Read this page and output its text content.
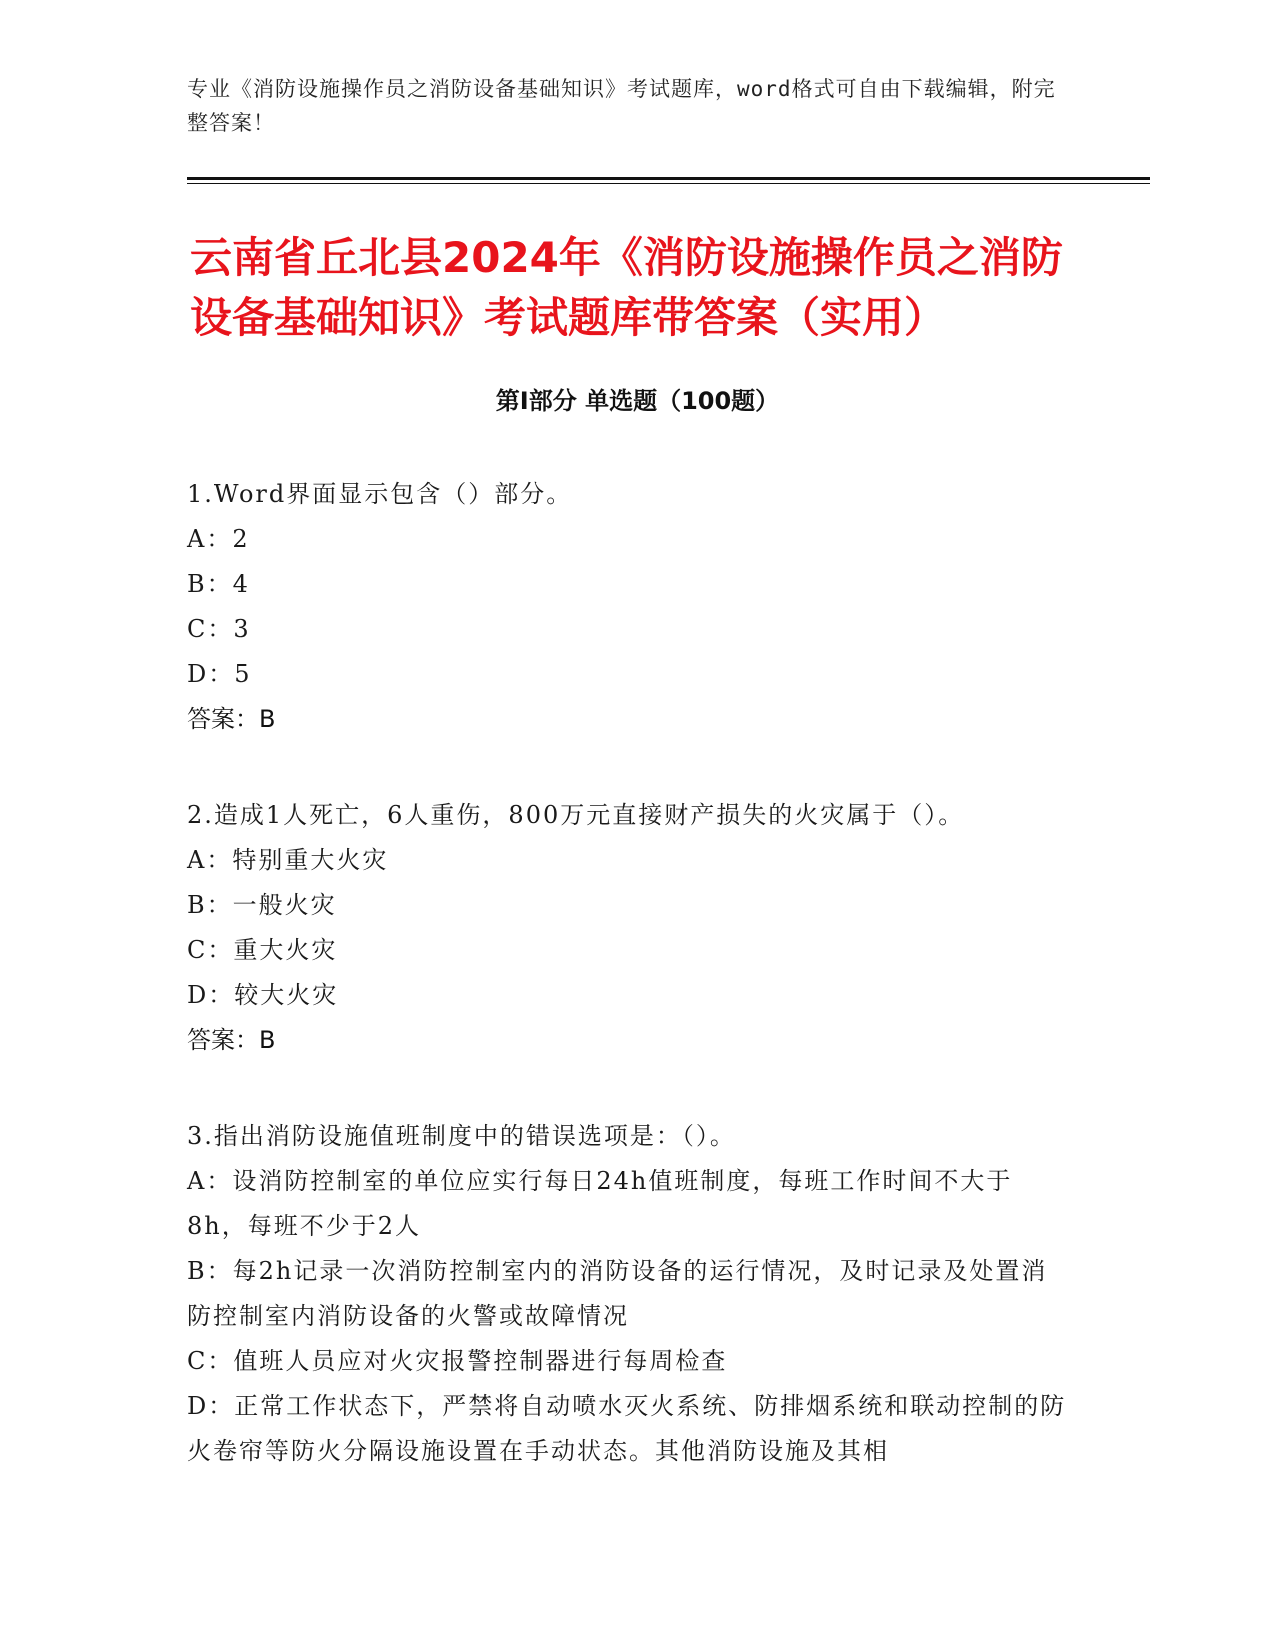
专业《消防设施操作员之消防设备基础知识》考试题库，word格式可自由下载编辑，附完整答案！
云南省丘北县2024年《消防设施操作员之消防设备基础知识》考试题库带答案（实用）
第I部分 单选题（100题）

1.Word界面显示包含（）部分。

A：2

B：4

C：3

D：5

答案：B

2.造成1人死亡，6人重伤，800万元直接财产损失的火灾属于（）。

A：特别重大火灾

B：一般火灾

C：重大火灾

D：较大火灾

答案：B

3.指出消防设施值班制度中的错误选项是：（）。

A：设消防控制室的单位应实行每日24h值班制度，每班工作时间不大于8h，每班不少于2人

B：每2h记录一次消防控制室内的消防设备的运行情况，及时记录及处置消防控制室内消防设备的火警或故障情况

C：值班人员应对火灾报警控制器进行每周检查

D：正常工作状态下，严禁将自动喷水灭火系统、防排烟系统和联动控制的防火卷帘等防火分隔设施设置在手动状态。其他消防设施及其相
